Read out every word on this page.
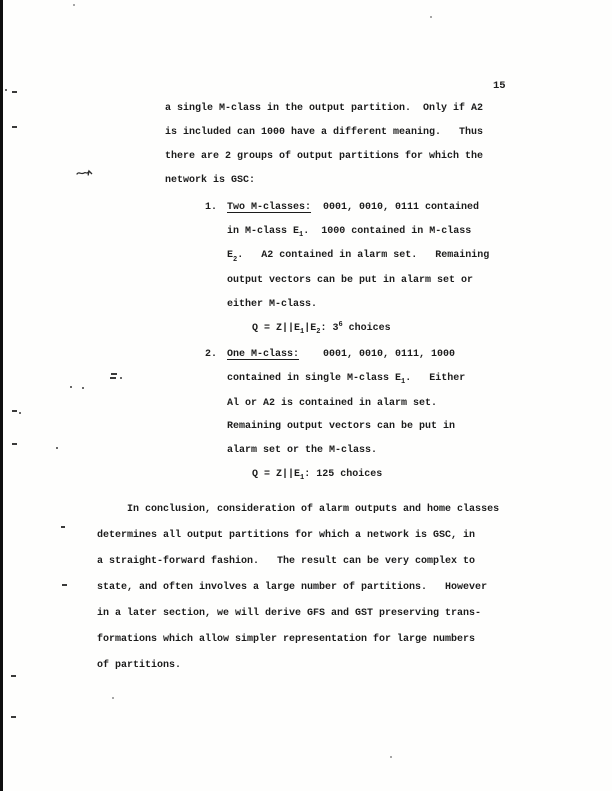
15
a single M-class in the output partition.  Only if A2
is included can 1000 have a different meaning.   Thus
there are 2 groups of output partitions for which the
network is GSC:
1. Two M-classes:  0001, 0010, 0111 contained
in M-class $E_1$.  1000 contained in M-class
$E_2$.   A2 contained in alarm set.   Remaining
output vectors can be put in alarm set or
either M-class.
$Q = Z||E_1|E_2$: $3^6$ choices
2. One M-class:    0001, 0010, 0111, 1000
contained in single M-class $E_1$.   Either
Al or A2 is contained in alarm set.
Remaining output vectors can be put in
alarm set or the M-class.
$Q = Z||E_1$: 125 choices
In conclusion, consideration of alarm outputs and home classes
determines all output partitions for which a network is GSC, in
a straight-forward fashion.   The result can be very complex to
state, and often involves a large number of partitions.   However
in a later section, we will derive GFS and GST preserving trans-
formations which allow simpler representation for large numbers
of partitions.
